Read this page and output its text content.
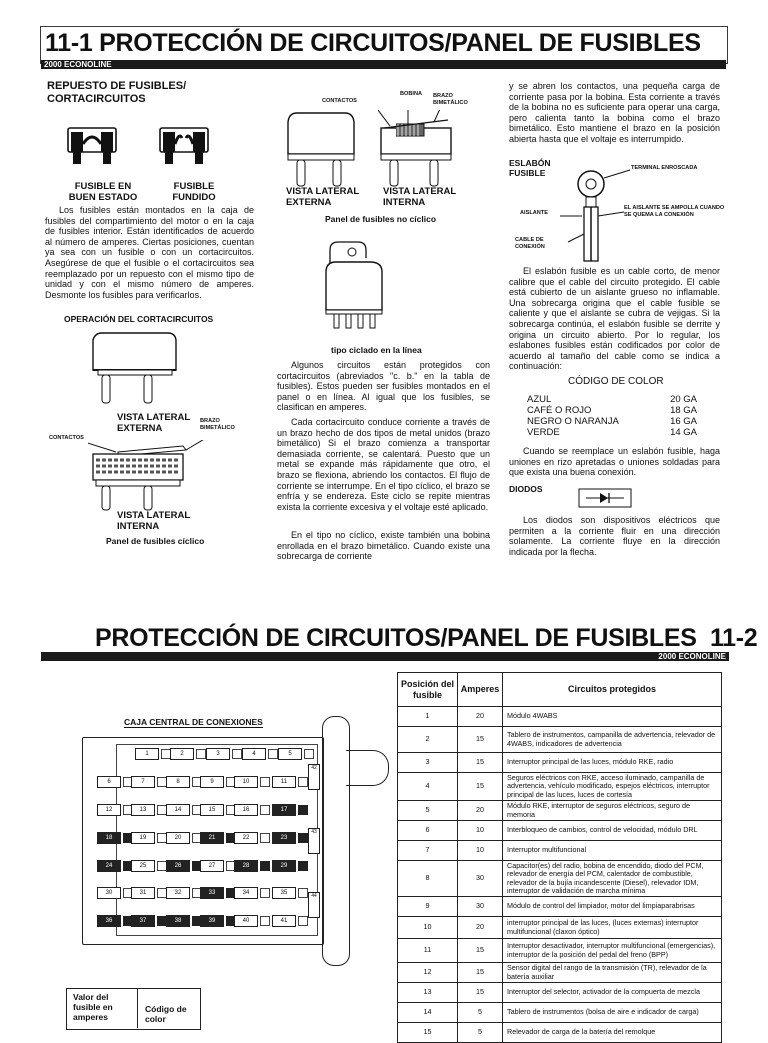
11-1 PROTECCIÓN DE CIRCUITOS/PANEL DE FUSIBLES
2000 ECONOLINE
REPUESTO DE FUSIBLES/ CORTACIRCUITOS
FUSIBLE EN BUEN ESTADO
FUSIBLE FUNDIDO
Los fusibles están montados en la caja de fusibles del compartimiento del motor o en la caja de fusibles interior. Están identificados de acuerdo al número de amperes. Ciertas posiciones, cuentan ya sea con un fusible o con un cortacircuitos. Asegúrese de que el fusible o el cortacircuitos sea reemplazado por un repuesto con el mismo tipo de unidad y con el mismo número de amperes. Desmonte los fusibles para verificarlos.
OPERACIÓN DEL CORTACIRCUITOS
VISTA LATERAL EXTERNA
BRAZO BIMETÁLICO
CONTACTOS
VISTA LATERAL INTERNA
Panel de fusibles cíclico
CONTACTOS
BOBINA BRAZO BIMETÁLICO
VISTA LATERAL EXTERNA
VISTA LATERAL INTERNA
Panel de fusibles no cíclico
tipo ciclado en la línea
Algunos circuitos están protegidos con cortacircuitos (abreviados "c. b." en la tabla de fusibles). Estos pueden ser fusibles montados en el panel o en línea. Al igual que los fusibles, se clasifican en amperes.
Cada cortacircuito conduce corriente a través de un brazo hecho de dos tipos de metal unidos (brazo bimetálico) Si el brazo comienza a transportar demasiada corriente, se calentará. Puesto que un metal se expande más rápidamente que otro, el brazo se flexiona, abriendo los contactos. El flujo de corriente se interrumpe. En el tipo cíclico, el brazo se enfría y se endereza. Este ciclo se repite mientras exista la corriente excesiva y el voltaje esté aplicado.
En el tipo no cíclico, existe también una bobina enrollada en el brazo bimetálico. Cuando existe una sobrecarga de corriente
y se abren los contactos, una pequeña carga de corriente pasa por la bobina. Esta corriente a través de la bobina no es suficiente para operar una carga, pero calienta tanto la bobina como el brazo bimetálico. Esto mantiene el brazo en la posición abierta hasta que el voltaje es interrumpido.
ESLABÓN FUSIBLE	TERMINAL ENROSCADA
AISLANTE
EL AISLANTE SE AMPOLLA CUANDO SE QUEMA LA CONEXIÓN
CABLE DE CONEXIÓN
El eslabón fusible es un cable corto, de menor calibre que el cable del circuito protegido. El cable está cubierto de un aislante grueso no inflamable. Una sobrecarga origina que el cable fusible se caliente y que el aislante se cubra de vejigas. Si la sobrecarga continúa, el eslabón fusible se derrite y origina un circuito abierto. Por lo regular, los eslabones fusibles están codificados por color de acuerdo al tamaño del cable como se indica a continuación:
CÓDIGO DE COLOR
AZUL	20 GA
CAFÉ O ROJO	18 GA
NEGRO O NARANJA	16 GA
VERDE	14 GA
Cuando se reemplace un eslabón fusible, haga uniones en rizo apretadas o uniones soldadas para que exista una buena conexión.
DIODOS
Los diodos son dispositivos eléctricos que permiten a la corriente fluir en una dirección solamente. La corriente fluye en la dirección indicada por la flecha.
PROTECCIÓN DE CIRCUITOS/PANEL DE FUSIBLES  11-2
2000 ECONOLINE
CAJA CENTRAL DE CONEXIONES
1	2	3	4	5
6	7	8	9	10	11
12	13	14	15	16	17
18	19	20	21	22	23
24	25	26	27	28	29
30	31	32	33	34	35
36	37	38	39	40	41
42
43
44
Valor del fusible en amperes
Código de color
Posición del fusible	Amperes	Circuitos protegidos
1	20	Módulo 4WABS
2	15	Tablero de instrumentos, campanilla de advertencia, relevador de 4WABS, indicadores de advertencia
3	15	Interruptor principal de las luces, módulo RKE, radio
4	15	Seguros eléctricos con RKE, acceso iluminado, campanilla de advertencia, vehículo modificado, espejos eléctricos, interruptor principal de las luces, luces de cortesía
5	20	Módulo RKE, interruptor de seguros eléctricos, seguro de memoria
6	10	Interbloqueo de cambios, control de velocidad, módulo DRL
7	10	Interruptor multifuncional
8	30	Capacitor(es) del radio, bobina de encendido, diodo del PCM, relevador de energía del PCM, calentador de combustible, relevador de la bujía incandescente (Diesel), relevador IDM, interruptor de validación de marcha mínima
9	30	Módulo de control del limpiador, motor del limpiaparabrisas
10	20	interruptor principal de las luces, (luces externas) interruptor multifuncional (claxon óptico)
11	15	Interruptor desactivador, interruptor multifuncional (emergencias), interruptor de la posición del pedal del freno (BPP)
12	15	Sensor digital del rango de la transmisión (TR), relevador de la batería auxiliar
13	15	Interruptor del selector, activador de la compuerta de mezcla
14	5	Tablero de instrumentos (bolsa de aire e indicador de carga)
15	5	Relevador de carga de la batería del remolque
